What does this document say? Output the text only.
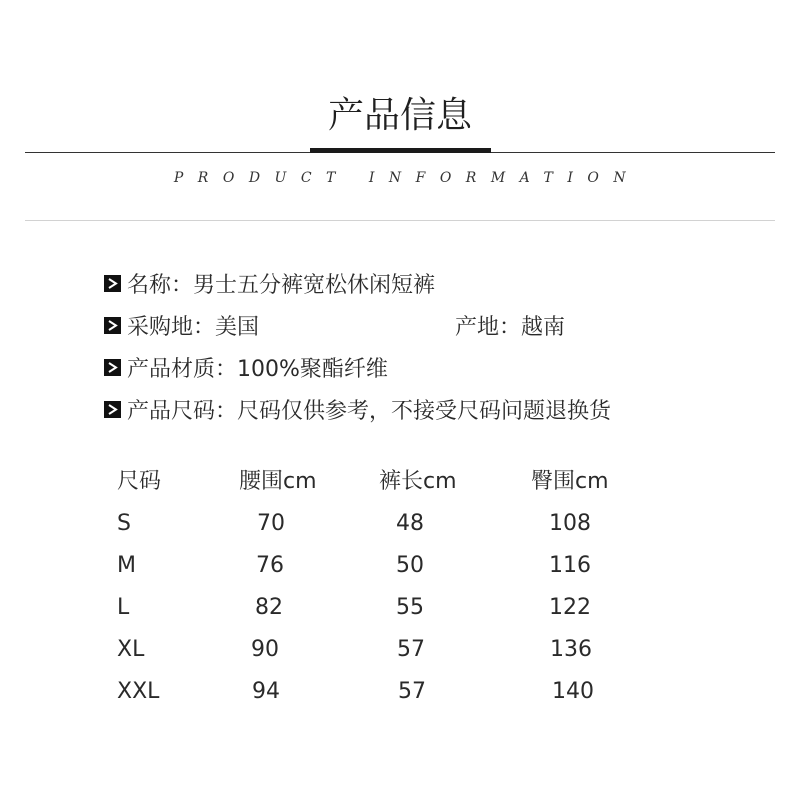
产品信息
PRODUCT INFORMATION
名称： 男士五分裤宽松休闲短裤
采购地： 美国	产地： 越南
产品材质： 100%聚酯纤维
产品尺码： 尺码仅供参考，不接受尺码问题退换货
尺码	腰围cm	裤长cm	臀围cm
S	70	48	108
M	76	50	116
L	82	55	122
XL	90	57	136
XXL	94	57	140
